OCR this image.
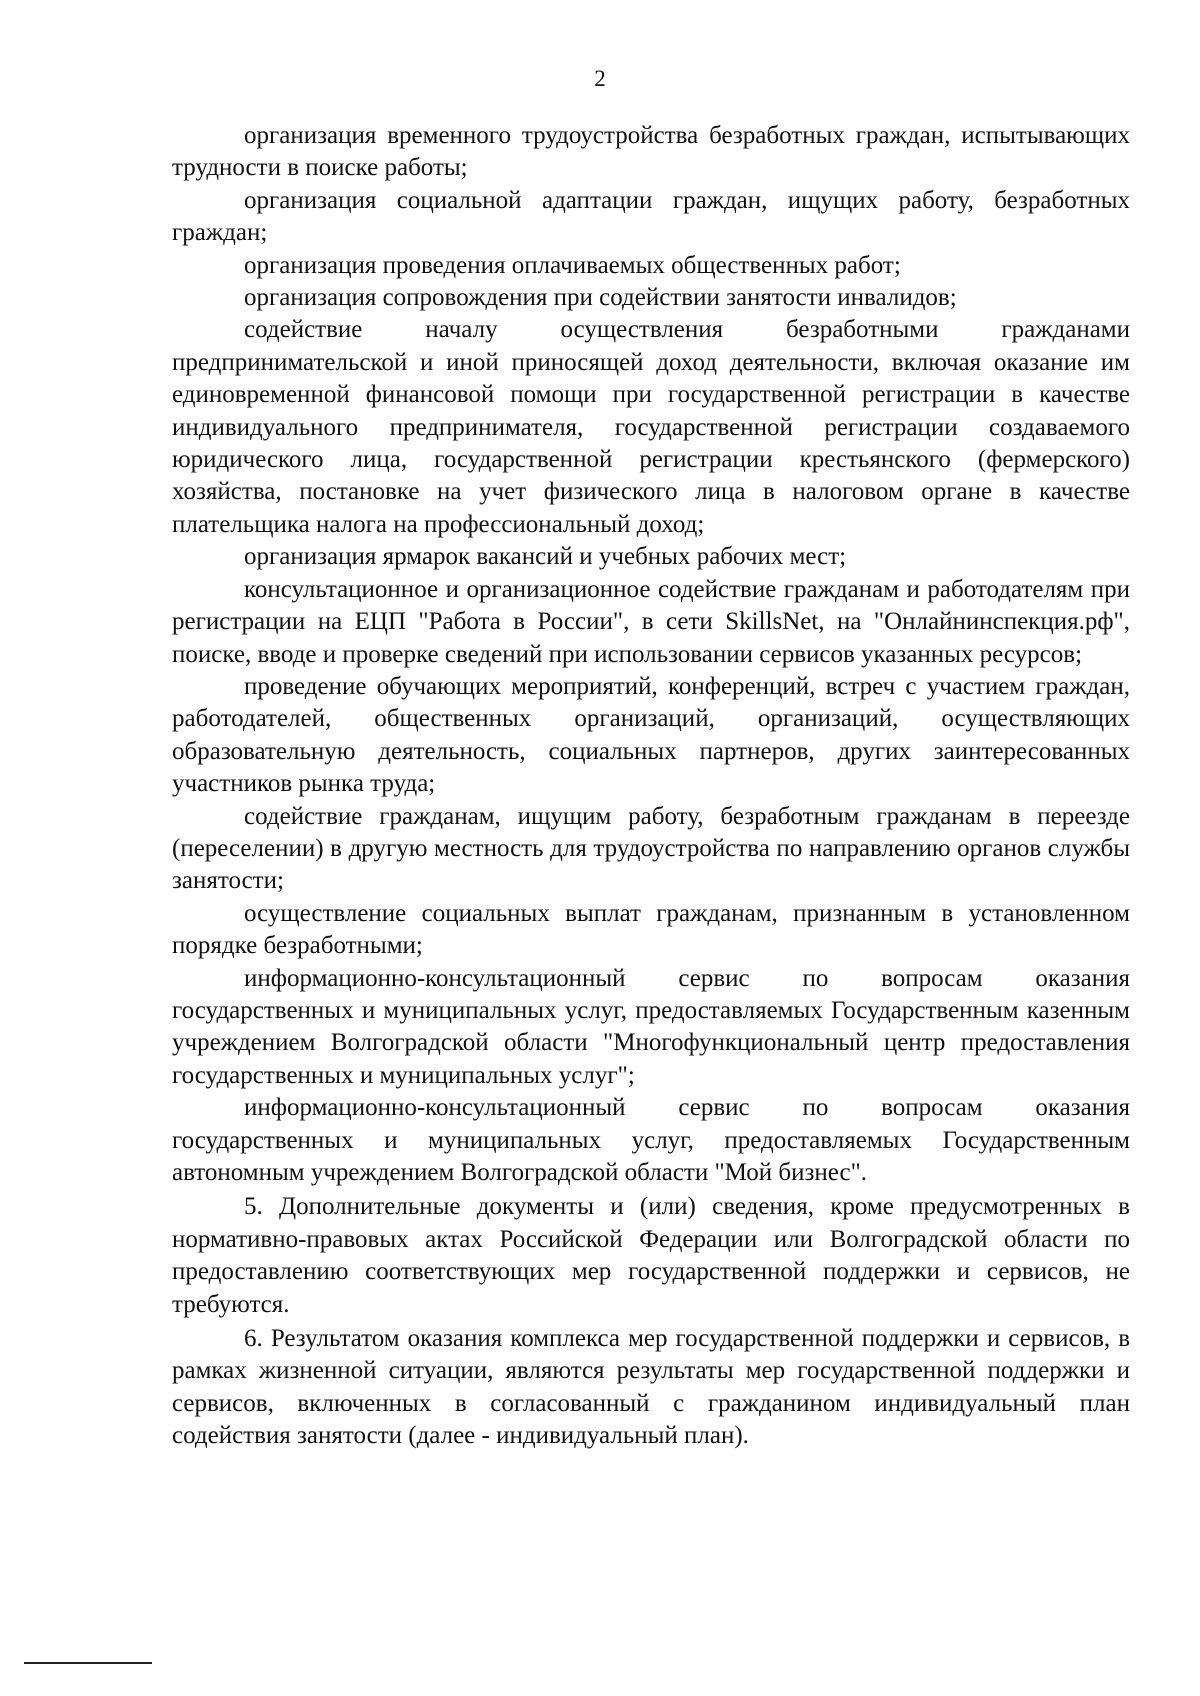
2

организация временного трудоустройства безработных граждан, испытывающих трудности в поиске работы;

организация социальной адаптации граждан, ищущих работу, безработных граждан;

организация проведения оплачиваемых общественных работ;

организация сопровождения при содействии занятости инвалидов;

содействие началу осуществления безработными гражданами предпринимательской и иной приносящей доход деятельности, включая оказание им единовременной финансовой помощи при государственной регистрации в качестве индивидуального предпринимателя, государственной регистрации создаваемого юридического лица, государственной регистрации крестьянского (фермерского) хозяйства, постановке на учет физического лица в налоговом органе в качестве плательщика налога на профессиональный доход;

организация ярмарок вакансий и учебных рабочих мест;

консультационное и организационное содействие гражданам и работодателям при регистрации на ЕЦП "Работа в России", в сети SkillsNet, на "Онлайнинспекция.рф", поиске, вводе и проверке сведений при использовании сервисов указанных ресурсов;

проведение обучающих мероприятий, конференций, встреч с участием граждан, работодателей, общественных организаций, организаций, осуществляющих образовательную деятельность, социальных партнеров, других заинтересованных участников рынка труда;

содействие гражданам, ищущим работу, безработным гражданам в переезде (переселении) в другую местность для трудоустройства по направлению органов службы занятости;

осуществление социальных выплат гражданам, признанным в установленном порядке безработными;

информационно-консультационный сервис по вопросам оказания государственных и муниципальных услуг, предоставляемых Государственным казенным учреждением Волгоградской области "Многофункциональный центр предоставления государственных и муниципальных услуг";

информационно-консультационный сервис по вопросам оказания государственных и муниципальных услуг, предоставляемых Государственным автономным учреждением Волгоградской области "Мой бизнес".

5. Дополнительные документы и (или) сведения, кроме предусмотренных в нормативно-правовых актах Российской Федерации или Волгоградской области по предоставлению соответствующих мер государственной поддержки и сервисов, не требуются.

6. Результатом оказания комплекса мер государственной поддержки и сервисов, в рамках жизненной ситуации, являются результаты мер государственной поддержки и сервисов, включенных в согласованный с гражданином индивидуальный план содействия занятости (далее - индивидуальный план).
